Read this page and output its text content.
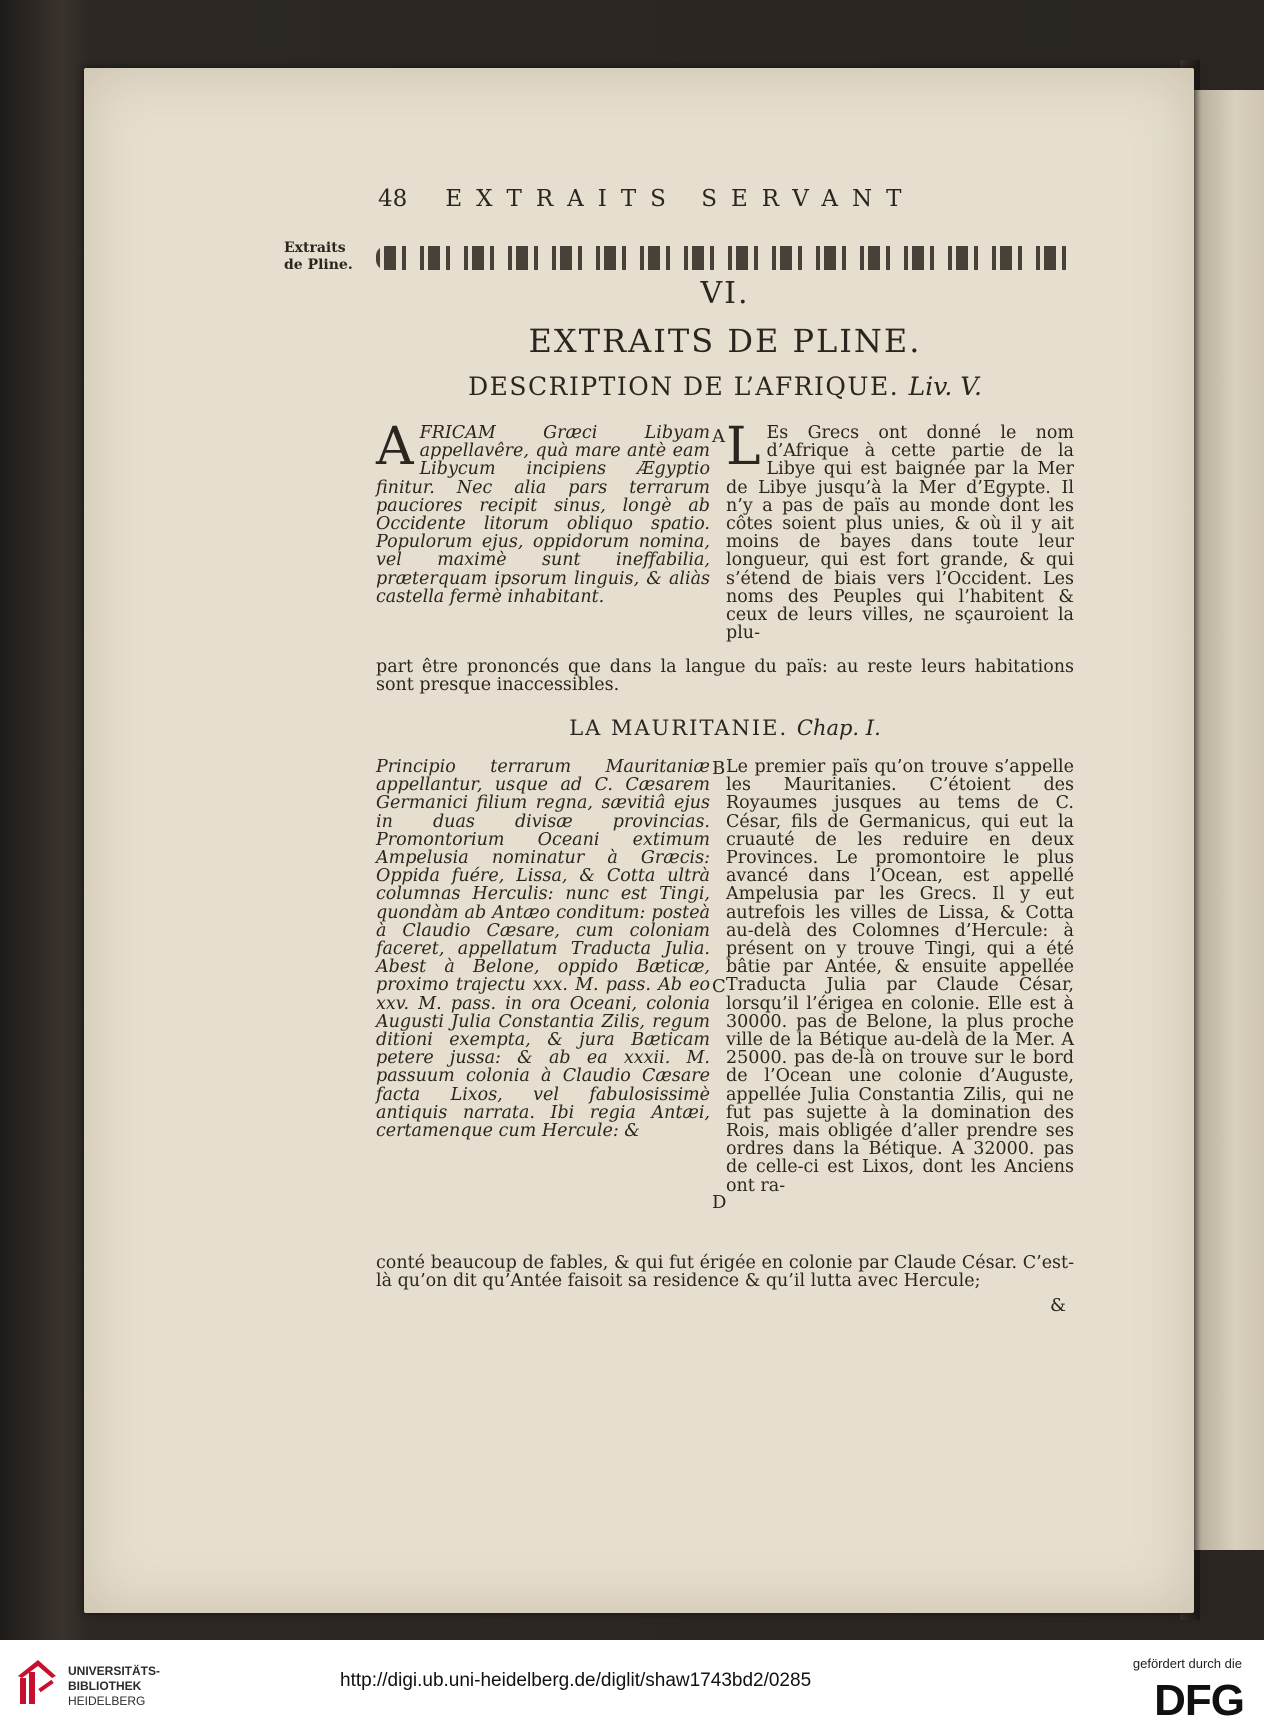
48 EXTRAITS SERVANT
Extraits de Pline.
VI.
EXTRAITS DE PLINE.
DESCRIPTION DE L’AFRIQUE. Liv. V.
A FRICAM Græci Libyam appellavêre, quà mare antè eam Libycum incipiens Ægyptio finitur. Nec alia pars terrarum pauciores recipit sinus, longè ab Occidente litorum obliquo spatio. Populorum ejus, oppidorum nomina, vel maximè sunt ineffabilia, præterquam ipsorum linguis, & aliàs castella fermè inhabitant.
L Es Grecs ont donné le nom d’Afrique à cette partie de la Libye qui est baignée par la Mer de Libye jusqu’à la Mer d’Egypte. Il n’y a pas de païs au monde dont les côtes soient plus unies, & où il y ait moins de bayes dans toute leur longueur, qui est fort grande, & qui s’étend de biais vers l’Occident. Les noms des Peuples qui l’habitent & ceux de leurs villes, ne sçauroient la plu-
part être prononcés que dans la langue du païs: au reste leurs habitations sont presque inaccessibles.
LA MAURITANIE. Chap. I.
Principio terrarum Mauritaniæ appellantur, usque ad C. Cæsarem Germanici filium regna, sævitiâ ejus in duas divisæ provincias. Promontorium Oceani extimum Ampelusia nominatur à Græcis: Oppida fuére, Lissa, & Cotta ultrà columnas Herculis: nunc est Tingi, quondàm ab Antæo conditum: posteà à Claudio Cæsare, cum coloniam faceret, appellatum Traducta Julia. Abest à Belone, oppido Bæticæ, proximo trajectu xxx. M. pass. Ab eo xxv. M. pass. in ora Oceani, colonia Augusti Julia Constantia Zilis, regum ditioni exempta, & jura Bæticam petere jussa: & ab ea xxxii. M. passuum colonia à Claudio Cæsare facta Lixos, vel fabulosissimè antiquis narrata. Ibi regia Antæi, certamenque cum Hercule: &
Le premier païs qu’on trouve s’appelle les Mauritanies. C’étoient des Royaumes jusques au tems de C. César, fils de Germanicus, qui eut la cruauté de les reduire en deux Provinces. Le promontoire le plus avancé dans l’Ocean, est appellé Ampelusia par les Grecs. Il y eut autrefois les villes de Lissa, & Cotta au-delà des Colomnes d’Hercule: à présent on y trouve Tingi, qui a été bâtie par Antée, & ensuite appellée Traducta Julia par Claude César, lorsqu’il l’érigea en colonie. Elle est à 30000. pas de Belone, la plus proche ville de la Bétique au-delà de la Mer. A 25000. pas de-là on trouve sur le bord de l’Ocean une colonie d’Auguste, appellée Julia Constantia Zilis, qui ne fut pas sujette à la domination des Rois, mais obligée d’aller prendre ses ordres dans la Bétique. A 32000. pas de celle-ci est Lixos, dont les Anciens ont ra-
conté beaucoup de fables, & qui fut érigée en colonie par Claude César. C’est-là qu’on dit qu’Antée faisoit sa residence & qu’il lutta avec Hercule;
&
A
B
C
D
UNIVERSITÄTS-
BIBLIOTHEK
HEIDELBERG
http://digi.ub.uni-heidelberg.de/diglit/shaw1743bd2/0285
gefördert durch die
DFG
